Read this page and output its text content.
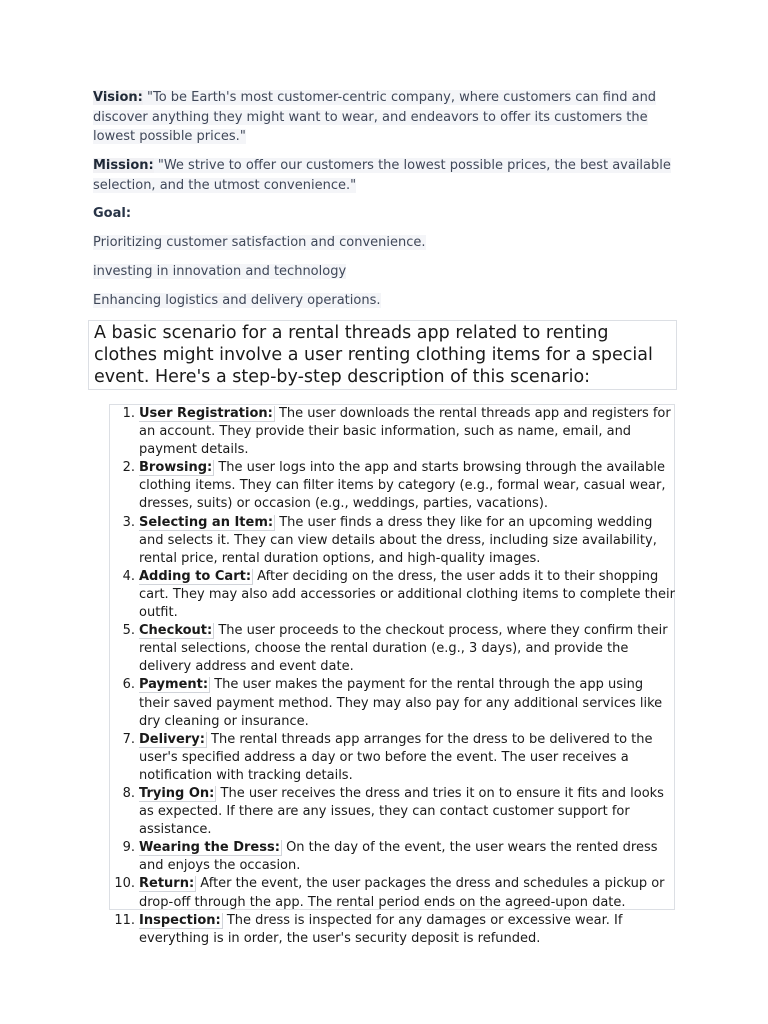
Vision: "To be Earth's most customer-centric company, where customers can find and discover anything they might want to wear, and endeavors to offer its customers the lowest possible prices."

Mission: "We strive to offer our customers the lowest possible prices, the best available selection, and the utmost convenience."

Goal:

Prioritizing customer satisfaction and convenience.

investing in innovation and technology

Enhancing logistics and delivery operations.

A basic scenario for a rental threads app related to renting clothes might involve a user renting clothing items for a special event. Here's a step-by-step description of this scenario:

1. User Registration: The user downloads the rental threads app and registers for an account. They provide their basic information, such as name, email, and payment details.
2. Browsing: The user logs into the app and starts browsing through the available clothing items. They can filter items by category (e.g., formal wear, casual wear, dresses, suits) or occasion (e.g., weddings, parties, vacations).
3. Selecting an Item: The user finds a dress they like for an upcoming wedding and selects it. They can view details about the dress, including size availability, rental price, rental duration options, and high-quality images.
4. Adding to Cart: After deciding on the dress, the user adds it to their shopping cart. They may also add accessories or additional clothing items to complete their outfit.
5. Checkout: The user proceeds to the checkout process, where they confirm their rental selections, choose the rental duration (e.g., 3 days), and provide the delivery address and event date.
6. Payment: The user makes the payment for the rental through the app using their saved payment method. They may also pay for any additional services like dry cleaning or insurance.
7. Delivery: The rental threads app arranges for the dress to be delivered to the user's specified address a day or two before the event. The user receives a notification with tracking details.
8. Trying On: The user receives the dress and tries it on to ensure it fits and looks as expected. If there are any issues, they can contact customer support for assistance.
9. Wearing the Dress: On the day of the event, the user wears the rented dress and enjoys the occasion.
10. Return: After the event, the user packages the dress and schedules a pickup or drop-off through the app. The rental period ends on the agreed-upon date.
11. Inspection: The dress is inspected for any damages or excessive wear. If everything is in order, the user's security deposit is refunded.
